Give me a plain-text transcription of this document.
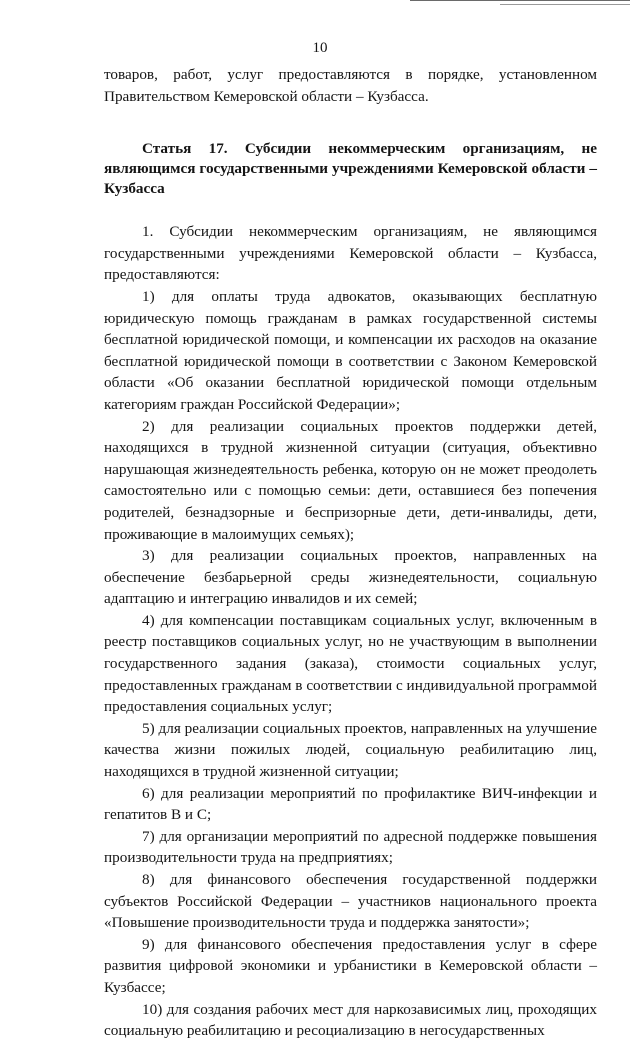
10

товаров, работ, услуг предоставляются в порядке, установленном Правительством Кемеровской области – Кузбасса.

Статья 17. Субсидии некоммерческим организациям, не являющимся государственными учреждениями Кемеровской области – Кузбасса

1. Субсидии некоммерческим организациям, не являющимся государственными учреждениями Кемеровской области – Кузбасса, предоставляются:

1) для оплаты труда адвокатов, оказывающих бесплатную юридическую помощь гражданам в рамках государственной системы бесплатной юридической помощи, и компенсации их расходов на оказание бесплатной юридической помощи в соответствии с Законом Кемеровской области «Об оказании бесплатной юридической помощи отдельным категориям граждан Российской Федерации»;

2) для реализации социальных проектов поддержки детей, находящихся в трудной жизненной ситуации (ситуация, объективно нарушающая жизнедеятельность ребенка, которую он не может преодолеть самостоятельно или с помощью семьи: дети, оставшиеся без попечения родителей, безнадзорные и беспризорные дети, дети-инвалиды, дети, проживающие в малоимущих семьях);

3) для реализации социальных проектов, направленных на обеспечение безбарьерной среды жизнедеятельности, социальную адаптацию и интеграцию инвалидов и их семей;

4) для компенсации поставщикам социальных услуг, включенным в реестр поставщиков социальных услуг, но не участвующим в выполнении государственного задания (заказа), стоимости социальных услуг, предоставленных гражданам в соответствии с индивидуальной программой предоставления социальных услуг;

5) для реализации социальных проектов, направленных на улучшение качества жизни пожилых людей, социальную реабилитацию лиц, находящихся в трудной жизненной ситуации;

6) для реализации мероприятий по профилактике ВИЧ-инфекции и гепатитов В и С;

7) для организации мероприятий по адресной поддержке повышения производительности труда на предприятиях;

8) для финансового обеспечения государственной поддержки субъектов Российской Федерации – участников национального проекта «Повышение производительности труда и поддержка занятости»;

9) для финансового обеспечения предоставления услуг в сфере развития цифровой экономики и урбанистики в Кемеровской области – Кузбассе;

10) для создания рабочих мест для наркозависимых лиц, проходящих социальную реабилитацию и ресоциализацию в негосударственных
